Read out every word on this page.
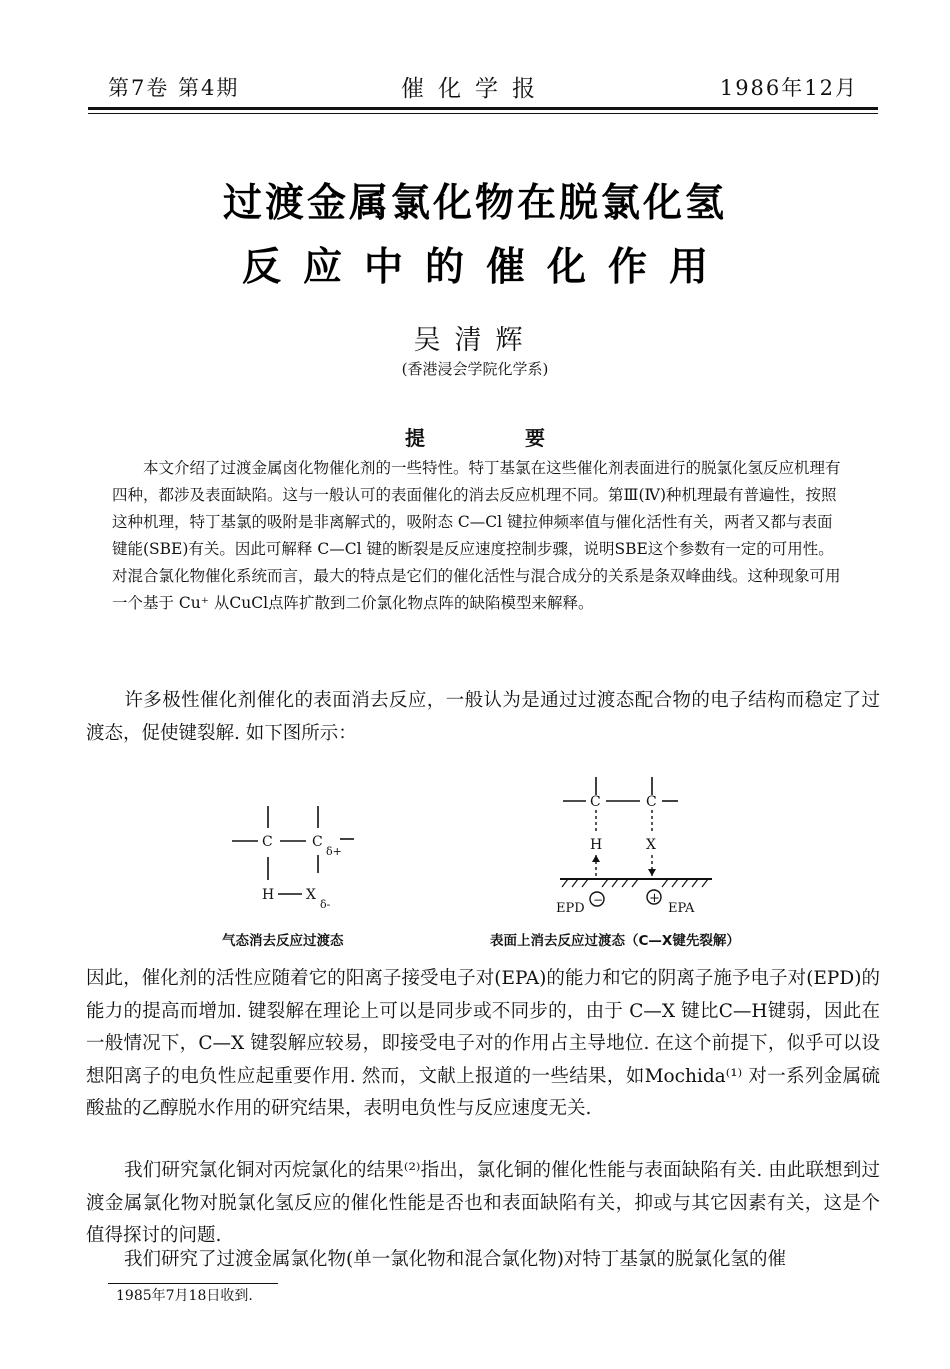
第7卷 第4期	催化学报	1986年12月
过渡金属氯化物在脱氯化氢
反应中的催化作用
吴清辉
(香港浸会学院化学系)
提要
本文介绍了过渡金属卤化物催化剂的一些特性。特丁基氯在这些催化剂表面进行的脱氯化氢反应机理有四种，都涉及表面缺陷。这与一般认可的表面催化的消去反应机理不同。第Ⅲ(Ⅳ)种机理最有普遍性，按照这种机理，特丁基氯的吸附是非离解式的，吸附态 C—Cl 键拉伸频率值与催化活性有关，两者又都与表面键能(SBE)有关。因此可解释 C—Cl 键的断裂是反应速度控制步骤，说明SBE这个参数有一定的可用性。对混合氯化物催化系统而言，最大的特点是它们的催化活性与混合成分的关系是条双峰曲线。这种现象可用一个基于 Cu⁺ 从CuCl点阵扩散到二价氯化物点阵的缺陷模型来解释。
许多极性催化剂催化的表面消去反应，一般认为是通过过渡态配合物的电子结构而稳定了过渡态，促使键裂解. 如下图所示：
C	C
δ+
H X
δ-
C	C
H	X
EPD
−	+
EPA
气态消去反应过渡态	表面上消去反应过渡态（C—X键先裂解）
因此，催化剂的活性应随着它的阳离子接受电子对(EPA)的能力和它的阴离子施予电子对(EPD)的能力的提高而增加. 键裂解在理论上可以是同步或不同步的，由于 C—X 键比C—H键弱，因此在一般情况下，C—X 键裂解应较易，即接受电子对的作用占主导地位. 在这个前提下，似乎可以设想阳离子的电负性应起重要作用. 然而，文献上报道的一些结果，如Mochida⁽¹⁾ 对一系列金属硫酸盐的乙醇脱水作用的研究结果，表明电负性与反应速度无关.
我们研究氯化铜对丙烷氯化的结果⁽²⁾指出，氯化铜的催化性能与表面缺陷有关. 由此联想到过渡金属氯化物对脱氯化氢反应的催化性能是否也和表面缺陷有关，抑或与其它因素有关，这是个值得探讨的问题.
我们研究了过渡金属氯化物(单一氯化物和混合氯化物)对特丁基氯的脱氯化氢的催
1985年7月18日收到.
